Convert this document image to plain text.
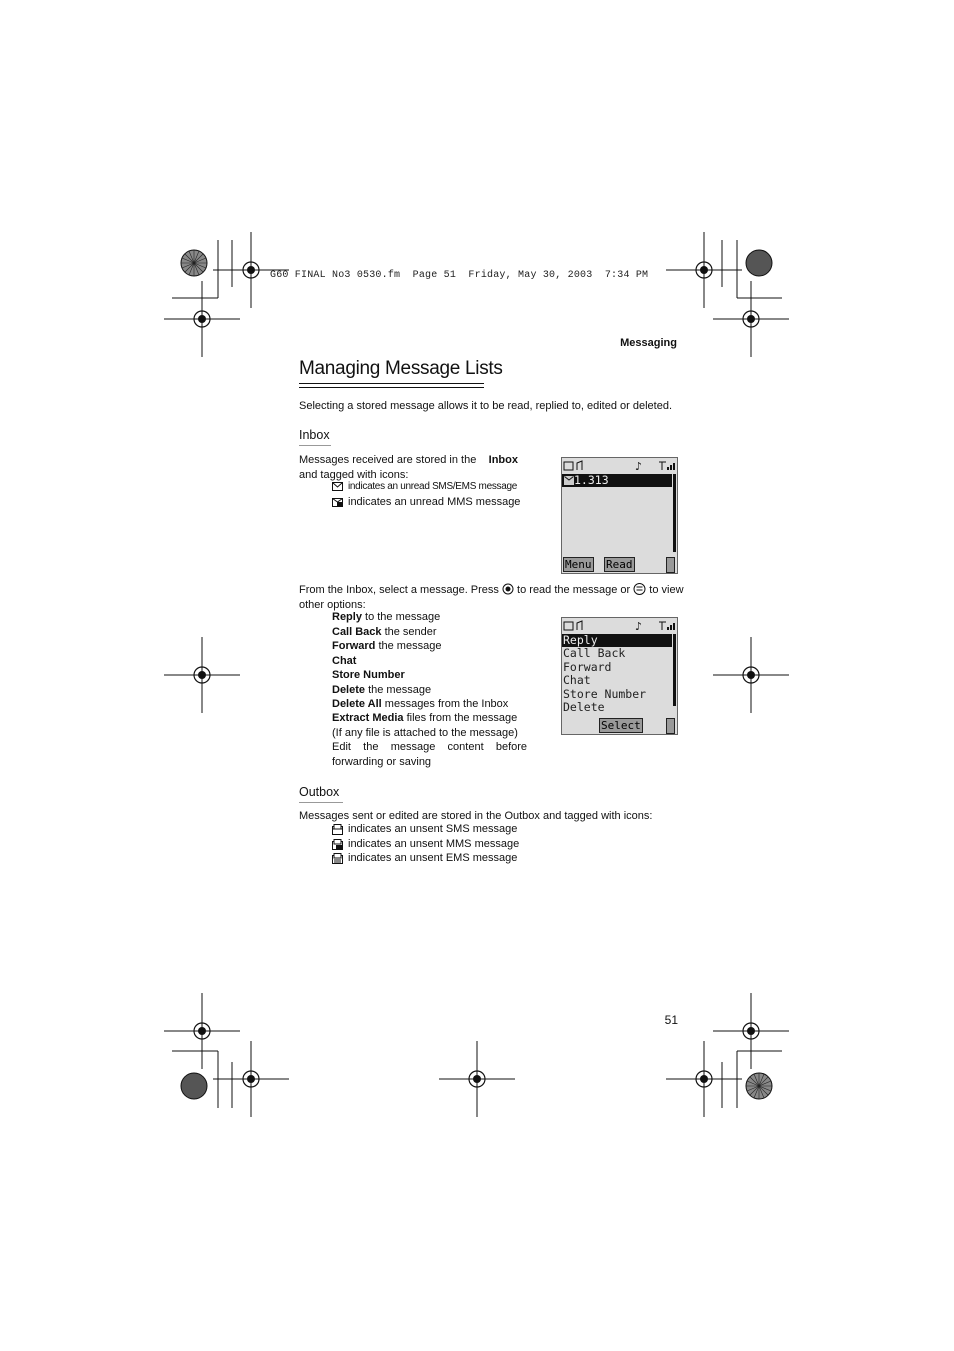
G60 FINAL No3 0530.fm  Page 51  Friday, May 30, 2003  7:34 PM
Messaging
Managing Message Lists
Selecting a stored message allows it to be read, replied to, edited or deleted.
Inbox
Messages received are stored in the Inbox
and tagged with icons:
indicates an unread SMS/EMS message
indicates an unread MMS message
♪
1.313
Menu Read
From the Inbox, select a message. Press to read the message or to view
other options:
Reply to the message
Call Back the sender
Forward the message
Chat
Store Number
Delete the message
Delete All messages from the Inbox
Extract Media files from the message
(If any file is attached to the message)
Edit    the    message    content    before
forwarding or saving
♪
Reply
Call Back
Forward
Chat
Store Number
Delete
Select
Outbox
Messages sent or edited are stored in the Outbox and tagged with icons:
indicates an unsent SMS message
indicates an unsent MMS message
indicates an unsent EMS message
51
